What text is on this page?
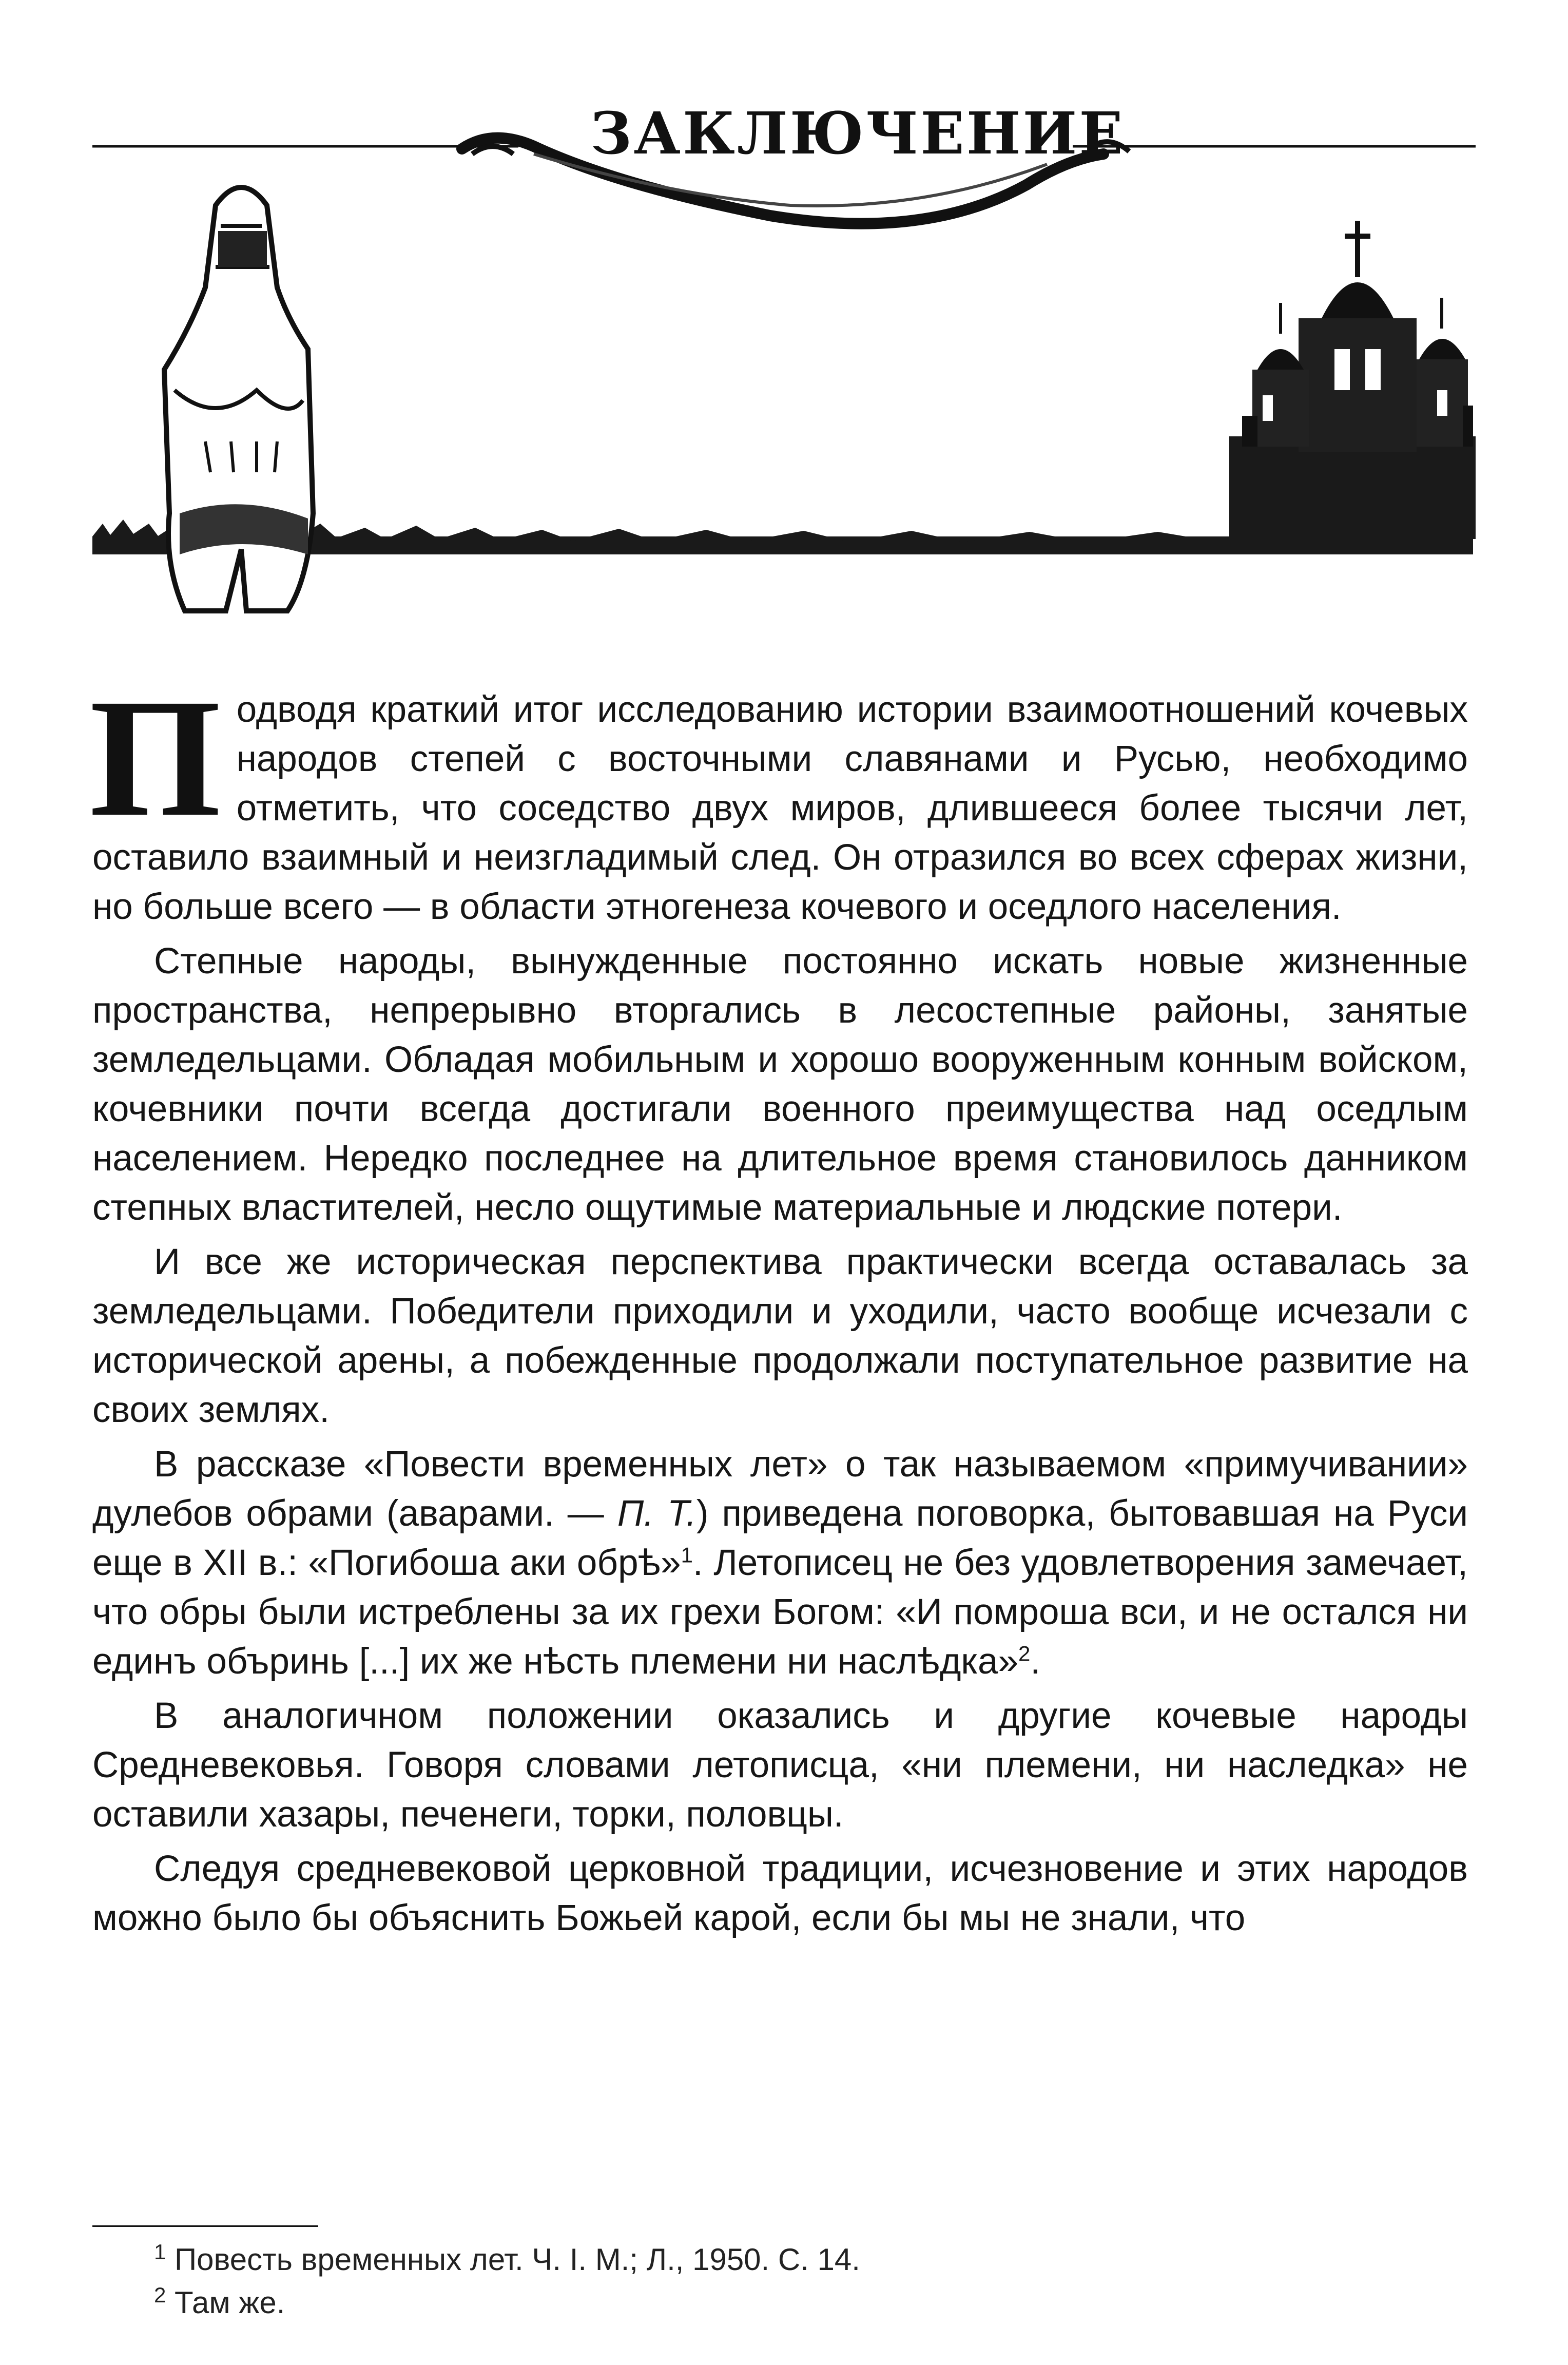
ЗАКЛЮЧЕНИЕ

Подводя краткий итог исследованию истории взаимоотношений кочевых народов степей с восточными славянами и Русью, необходимо отметить, что соседство двух миров, длившееся более тысячи лет, оставило взаимный и неизгладимый след. Он отразился во всех сферах жизни, но больше всего — в области этногенеза кочевого и оседлого населения.

Степные народы, вынужденные постоянно искать новые жизненные пространства, непрерывно вторгались в лесостепные районы, занятые земледельцами. Обладая мобильным и хорошо вооруженным конным войском, кочевники почти всегда достигали военного преимущества над оседлым населением. Нередко последнее на длительное время становилось данником степных властителей, несло ощутимые материальные и людские потери.

И все же историческая перспектива практически всегда оставалась за земледельцами. Победители приходили и уходили, часто вообще исчезали с исторической арены, а побежденные продолжали поступательное развитие на своих землях.

В рассказе «Повести временных лет» о так называемом «примучивании» дулебов обрами (аварами. — П. Т.) приведена поговорка, бытовавшая на Руси еще в XII в.: «Погибоша аки обрѣ»$^1$. Летописец не без удовлетворения замечает, что обры были истреблены за их грехи Богом: «И помроша вси, и не остался ни единъ объринь [...] их же нѣсть племени ни наслѣдка»$^2$.

В аналогичном положении оказались и другие кочевые народы Средневековья. Говоря словами летописца, «ни племени, ни наследка» не оставили хазары, печенеги, торки, половцы.

Следуя средневековой церковной традиции, исчезновение и этих народов можно было бы объяснить Божьей карой, если бы мы не знали, что

$^1$ Повесть временных лет. Ч. I. М.; Л., 1950. С. 14.
$^2$ Там же.
